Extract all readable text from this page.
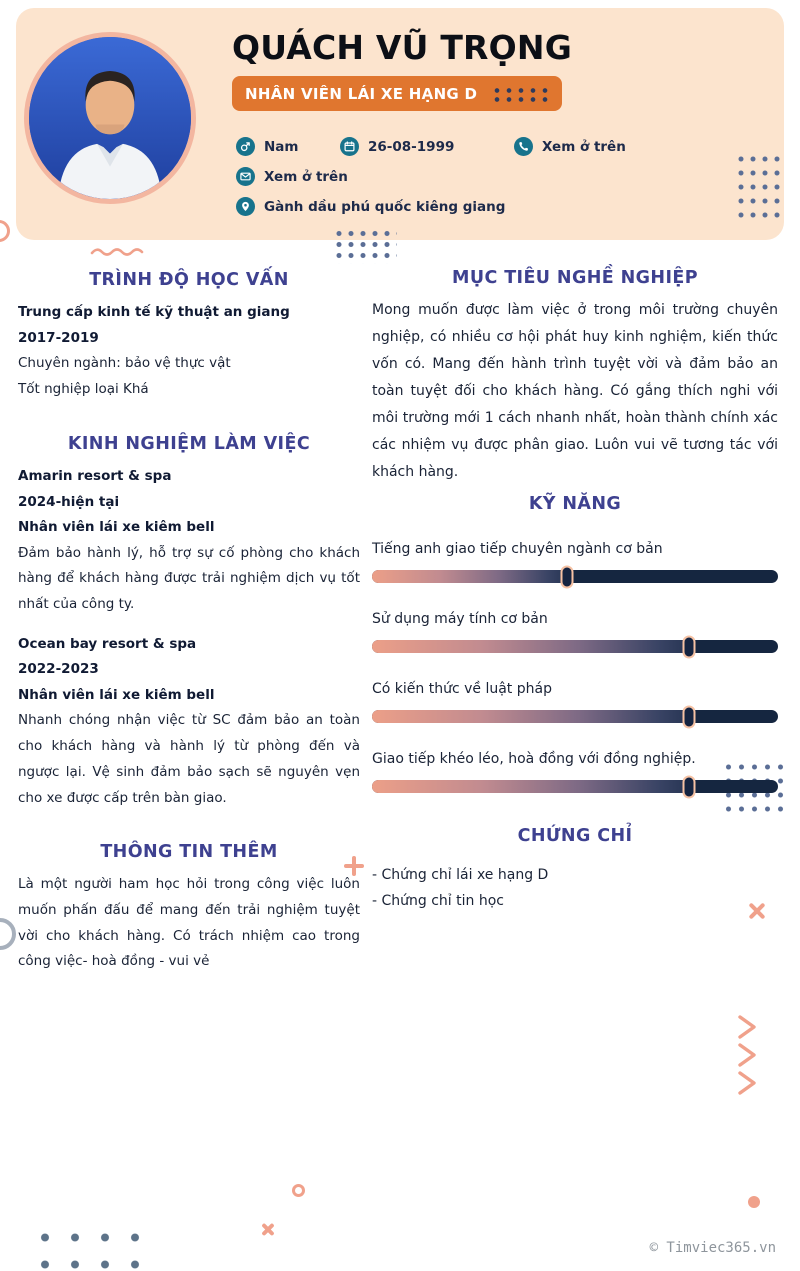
QUÁCH VŨ TRỌNG
NHÂN VIÊN LÁI XE HẠNG D
Nam	26-08-1999	Xem ở trên
Xem ở trên
Gành dầu phú quốc kiêng giang
TRÌNH ĐỘ HỌC VẤN
Trung cấp kinh tế kỹ thuật an giang
2017-2019
Chuyên ngành: bảo vệ thực vật
Tốt nghiệp loại Khá
KINH NGHIỆM LÀM VIỆC
Amarin resort & spa
2024-hiện tại
Nhân viên lái xe kiêm bell

Đảm bảo hành lý, hỗ trợ sự cố phòng cho khách hàng để khách hàng được trải nghiệm dịch vụ tốt nhất của công ty.

Ocean bay resort & spa
2022-2023
Nhân viên lái xe kiêm bell

Nhanh chóng nhận việc từ SC đảm bảo an toàn cho khách hàng và hành lý từ phòng đến và ngược lại. Vệ sinh đảm bảo sạch sẽ nguyên vẹn cho xe được cấp trên bàn giao.

THÔNG TIN THÊM

Là một người ham học hỏi trong công việc luôn muốn phấn đấu để mang đến trải nghiệm tuyệt vời cho khách hàng. Có trách nhiệm cao trong công việc- hoà đồng - vui vẻ

MỤC TIÊU NGHỀ NGHIỆP

Mong muốn được làm việc ở trong môi trường chuyên nghiệp, có nhiều cơ hội phát huy kinh nghiệm, kiến thức vốn có. Mang đến hành trình tuyệt vời và đảm bảo an toàn tuyệt đối cho khách hàng. Có gắng thích nghi với môi trường mới 1 cách nhanh nhất, hoàn thành chính xác các nhiệm vụ được phân giao. Luôn vui vẽ tương tác với khách hàng.

KỸ NĂNG
Tiếng anh giao tiếp chuyên ngành cơ bản
Sử dụng máy tính cơ bản
Có kiến thức về luật pháp
Giao tiếp khéo léo, hoà đồng với đồng nghiệp.
CHỨNG CHỈ
- Chứng chỉ lái xe hạng D
- Chứng chỉ tin học
© Timviec365.vn
